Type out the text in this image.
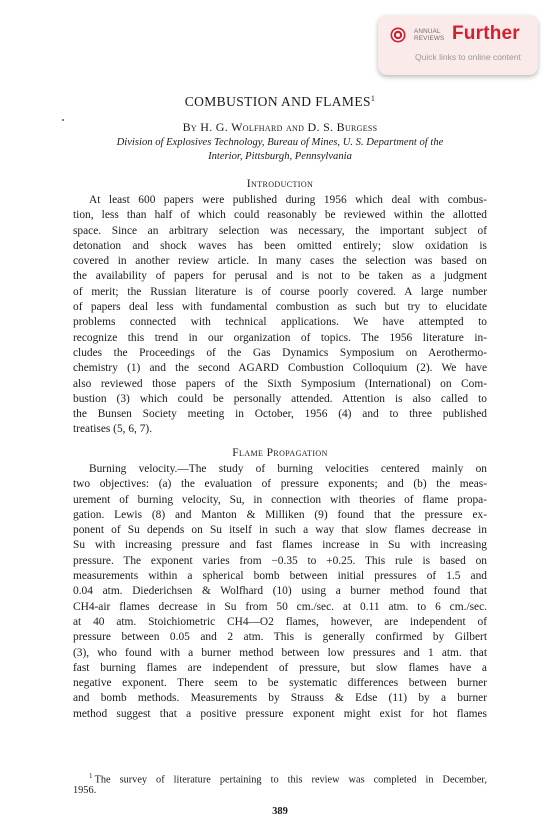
ANNUAL
REVIEWS Further
Quick links to online content
COMBUSTION AND FLAMES$^1$
By H. G. Wolfhard and D. S. Burgess
Division of Explosives Technology, Bureau of Mines, U. S. Department of the
Interior, Pittsburgh, Pennsylvania
Introduction
At least 600 papers were published during 1956 which deal with combus-
tion, less than half of which could reasonably be reviewed within the allotted
space. Since an arbitrary selection was necessary, the important subject of
detonation and shock waves has been omitted entirely; slow oxidation is
covered in another review article. In many cases the selection was based on
the availability of papers for perusal and is not to be taken as a judgment
of merit; the Russian literature is of course poorly covered. A large number
of papers deal less with fundamental combustion as such but try to elucidate
problems connected with technical applications. We have attempted to
recognize this trend in our organization of topics. The 1956 literature in-
cludes the Proceedings of the Gas Dynamics Symposium on Aerothermo-
chemistry (1) and the second AGARD Combustion Colloquium (2). We have
also reviewed those papers of the Sixth Symposium (International) on Com-
bustion (3) which could be personally attended. Attention is also called to
the Bunsen Society meeting in October, 1956 (4) and to three published
treatises (5, 6, 7).
Flame Propagation
Burning velocity.—The study of burning velocities centered mainly on
two objectives: (a) the evaluation of pressure exponents; and (b) the meas-
urement of burning velocity, Su, in connection with theories of flame propa-
gation. Lewis (8) and Manton & Milliken (9) found that the pressure ex-
ponent of Su depends on Su itself in such a way that slow flames decrease in
Su with increasing pressure and fast flames increase in Su with increasing
pressure. The exponent varies from −0.35 to +0.25. This rule is based on
measurements within a spherical bomb between initial pressures of 1.5 and
0.04 atm. Diederichsen & Wolfhard (10) using a burner method found that
CH4-air flames decrease in Su from 50 cm./sec. at 0.11 atm. to 6 cm./sec.
at 40 atm. Stoichiometric CH4—O2 flames, however, are independent of
pressure between 0.05 and 2 atm. This is generally confirmed by Gilbert
(3), who found with a burner method between low pressures and 1 atm. that
fast burning flames are independent of pressure, but slow flames have a
negative exponent. There seem to be systematic differences between burner
and bomb methods. Measurements by Strauss & Edse (11) by a burner
method suggest that a positive pressure exponent might exist for hot flames
$^1$  The survey of literature pertaining to this review was completed in December,
1956.
389
